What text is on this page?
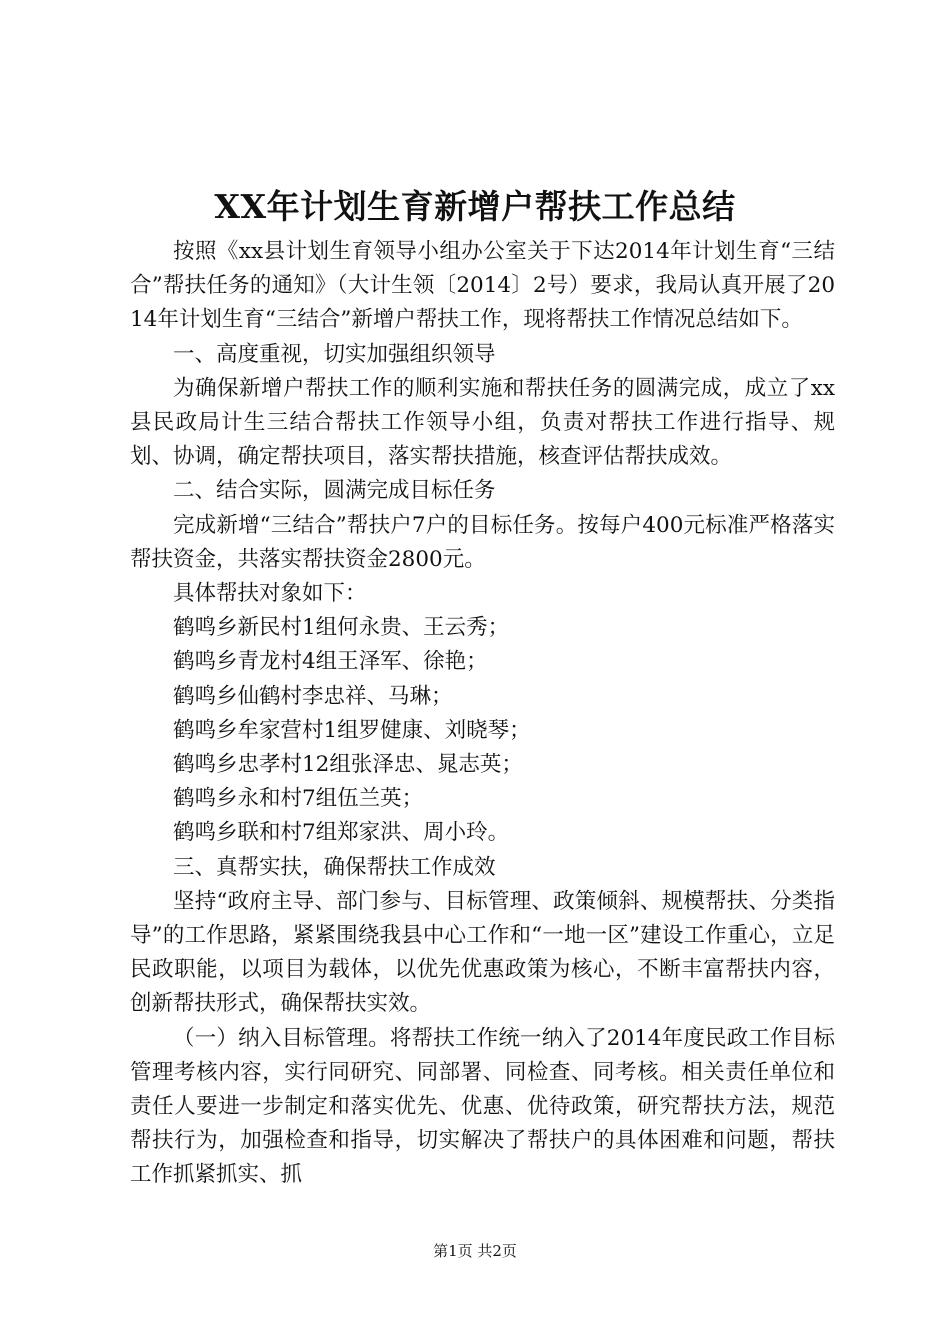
XX年计划生育新增户帮扶工作总结

按照《xx县计划生育领导小组办公室关于下达2014年计划生育“三结合”帮扶任务的通知》（大计生领〔2014〕2号）要求，我局认真开展了2014年计划生育“三结合”新增户帮扶工作，现将帮扶工作情况总结如下。

一、高度重视，切实加强组织领导

为确保新增户帮扶工作的顺利实施和帮扶任务的圆满完成，成立了xx县民政局计生三结合帮扶工作领导小组，负责对帮扶工作进行指导、规划、协调，确定帮扶项目，落实帮扶措施，核查评估帮扶成效。

二、结合实际，圆满完成目标任务

完成新增“三结合”帮扶户7户的目标任务。按每户400元标准严格落实帮扶资金，共落实帮扶资金2800元。

具体帮扶对象如下：

鹤鸣乡新民村1组何永贵、王云秀；

鹤鸣乡青龙村4组王泽军、徐艳；

鹤鸣乡仙鹤村李忠祥、马琳；

鹤鸣乡牟家营村1组罗健康、刘晓琴；

鹤鸣乡忠孝村12组张泽忠、晁志英；

鹤鸣乡永和村7组伍兰英；

鹤鸣乡联和村7组郑家洪、周小玲。

三、真帮实扶，确保帮扶工作成效

坚持“政府主导、部门参与、目标管理、政策倾斜、规模帮扶、分类指导”的工作思路，紧紧围绕我县中心工作和“一地一区”建设工作重心，立足民政职能，以项目为载体，以优先优惠政策为核心，不断丰富帮扶内容，创新帮扶形式，确保帮扶实效。

（一）纳入目标管理。将帮扶工作统一纳入了2014年度民政工作目标管理考核内容，实行同研究、同部署、同检查、同考核。相关责任单位和责任人要进一步制定和落实优先、优惠、优待政策，研究帮扶方法，规范帮扶行为，加强检查和指导，切实解决了帮扶户的具体困难和问题，帮扶工作抓紧抓实、抓

第1页 共2页
